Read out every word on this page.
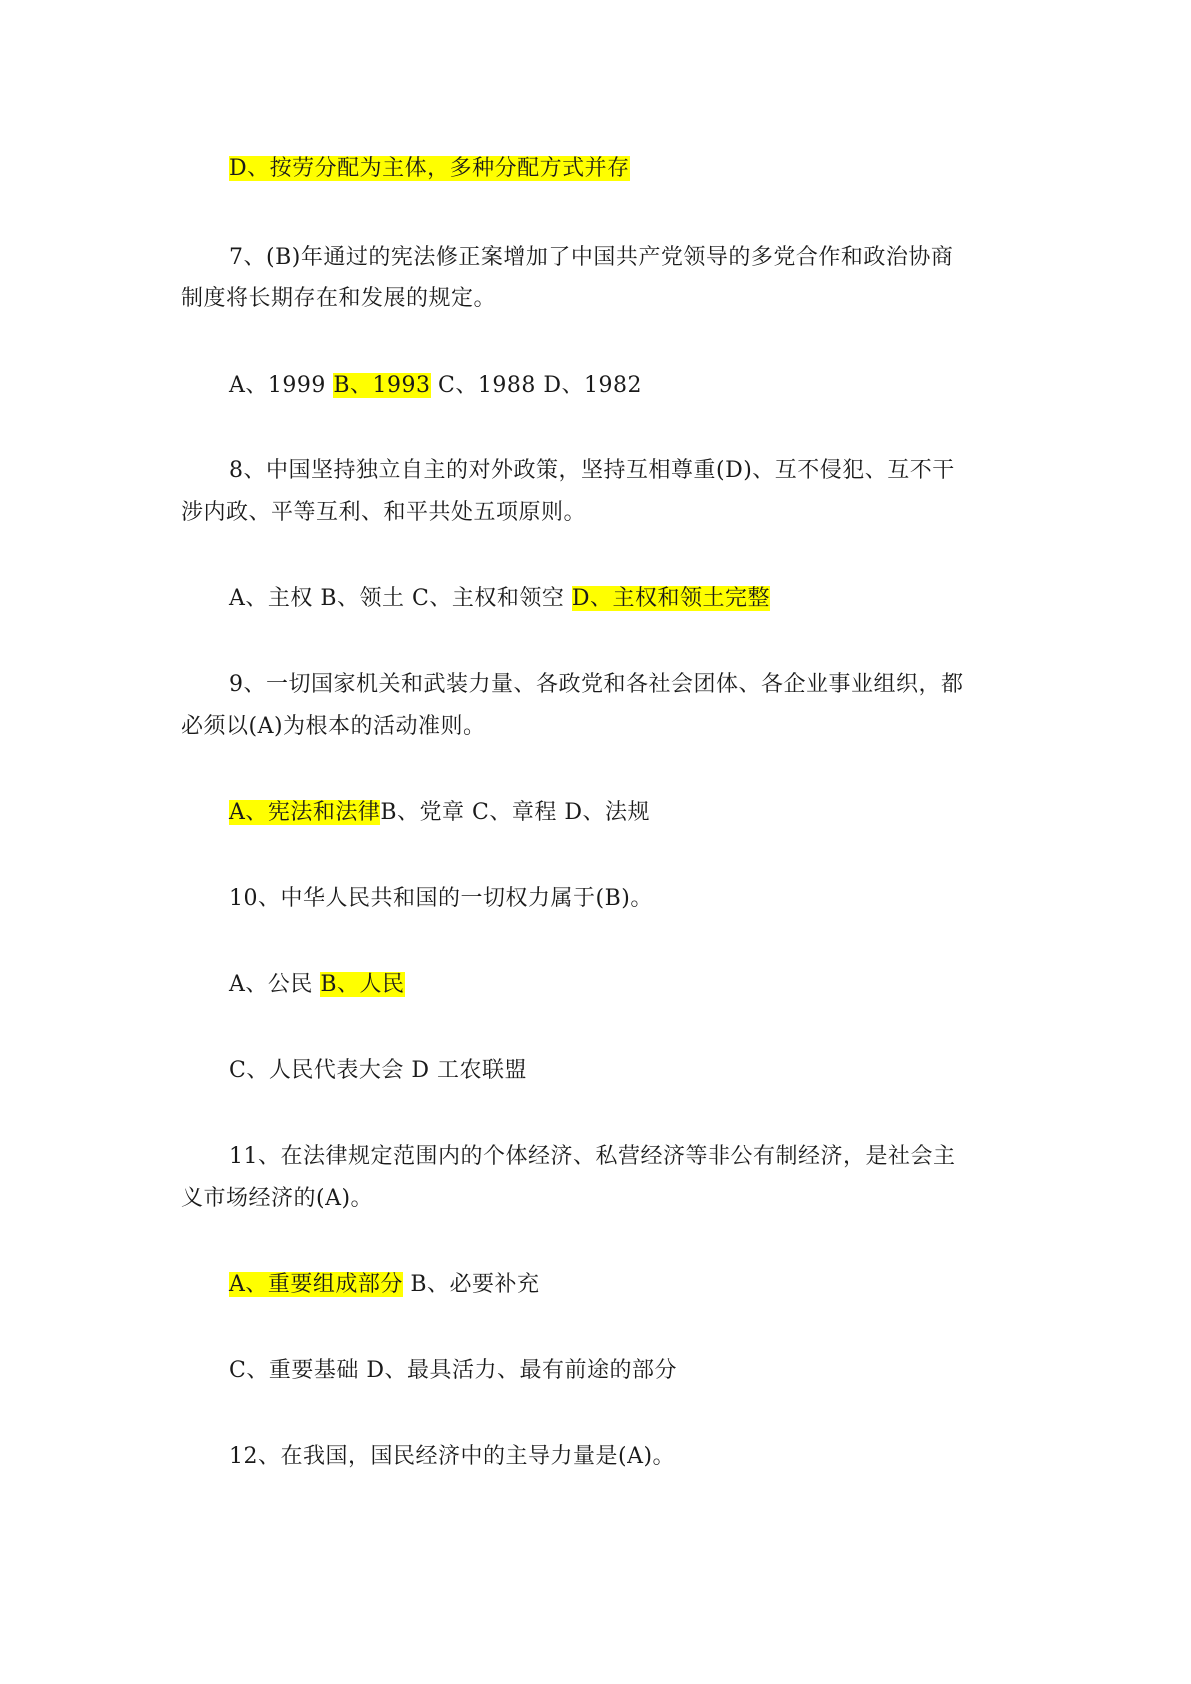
D、按劳分配为主体，多种分配方式并存
7、(B)年通过的宪法修正案增加了中国共产党领导的多党合作和政治协商
制度将长期存在和发展的规定。
A、1999 B、1993 C、1988 D、1982
8、中国坚持独立自主的对外政策，坚持互相尊重(D)、互不侵犯、互不干
涉内政、平等互利、和平共处五项原则。
A、主权 B、领土 C、主权和领空 D、主权和领土完整
9、一切国家机关和武装力量、各政党和各社会团体、各企业事业组织，都
必须以(A)为根本的活动准则。
A、宪法和法律B、党章 C、章程 D、法规
10、中华人民共和国的一切权力属于(B)。
A、公民 B、人民
C、人民代表大会 D 工农联盟
11、在法律规定范围内的个体经济、私营经济等非公有制经济，是社会主
义市场经济的(A)。
A、重要组成部分 B、必要补充
C、重要基础 D、最具活力、最有前途的部分
12、在我国，国民经济中的主导力量是(A)。
